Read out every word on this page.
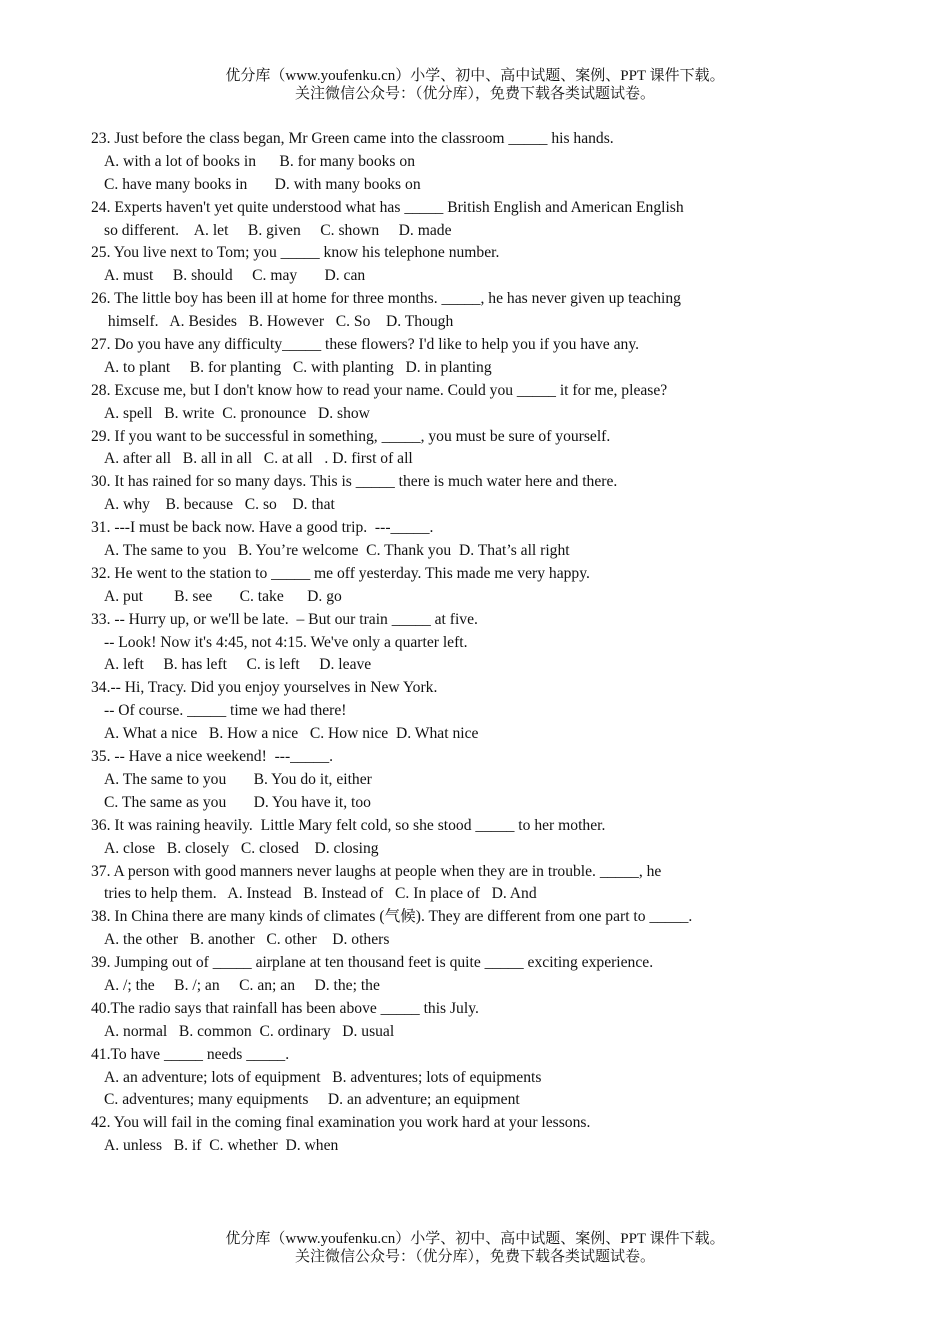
优分库（www.youfenku.cn）小学、初中、高中试题、案例、PPT 课件下载。
关注微信公众号：（优分库），免费下载各类试题试卷。
23. Just before the class began, Mr Green came into the classroom _____ his hands.
A. with a lot of books in      B. for many books on
C. have many books in       D. with many books on
24. Experts haven't yet quite understood what has _____ British English and American English
so different.    A. let     B. given     C. shown     D. made
25. You live next to Tom; you _____ know his telephone number.
A. must     B. should     C. may       D. can
26. The little boy has been ill at home for three months. _____, he has never given up teaching
himself.   A. Besides   B. However   C. So    D. Though
27. Do you have any difficulty_____ these flowers? I'd like to help you if you have any.
A. to plant     B. for planting   C. with planting   D. in planting
28. Excuse me, but I don't know how to read your name. Could you _____ it for me, please?
A. spell   B. write  C. pronounce   D. show
29. If you want to be successful in something, _____, you must be sure of yourself.
A. after all   B. all in all   C. at all   . D. first of all
30. It has rained for so many days. This is _____ there is much water here and there.
A. why    B. because   C. so    D. that
31. ---I must be back now. Have a good trip.  ---_____.
A. The same to you   B. You’re welcome  C. Thank you  D. That’s all right
32. He went to the station to _____ me off yesterday. This made me very happy.
A. put        B. see       C. take      D. go
33. -- Hurry up, or we'll be late.  – But our train _____ at five.
-- Look! Now it's 4:45, not 4:15. We've only a quarter left.
A. left     B. has left     C. is left     D. leave
34.-- Hi, Tracy. Did you enjoy yourselves in New York.
-- Of course. _____ time we had there!
A. What a nice   B. How a nice   C. How nice  D. What nice
35. -- Have a nice weekend!  ---_____.
A. The same to you       B. You do it, either
C. The same as you       D. You have it, too
36. It was raining heavily.  Little Mary felt cold, so she stood _____ to her mother.
A. close   B. closely   C. closed    D. closing
37. A person with good manners never laughs at people when they are in trouble. _____, he
tries to help them.   A. Instead   B. Instead of   C. In place of   D. And
38. In China there are many kinds of climates (气候). They are different from one part to _____.
A. the other   B. another   C. other    D. others
39. Jumping out of _____ airplane at ten thousand feet is quite _____ exciting experience.
A. /; the     B. /; an     C. an; an     D. the; the
40.The radio says that rainfall has been above _____ this July.
A. normal   B. common  C. ordinary   D. usual
41.To have _____ needs _____.
A. an adventure; lots of equipment   B. adventures; lots of equipments
C. adventures; many equipments     D. an adventure; an equipment
42. You will fail in the coming final examination you work hard at your lessons.
A. unless   B. if  C. whether  D. when
优分库（www.youfenku.cn）小学、初中、高中试题、案例、PPT 课件下载。
关注微信公众号：（优分库），免费下载各类试题试卷。
